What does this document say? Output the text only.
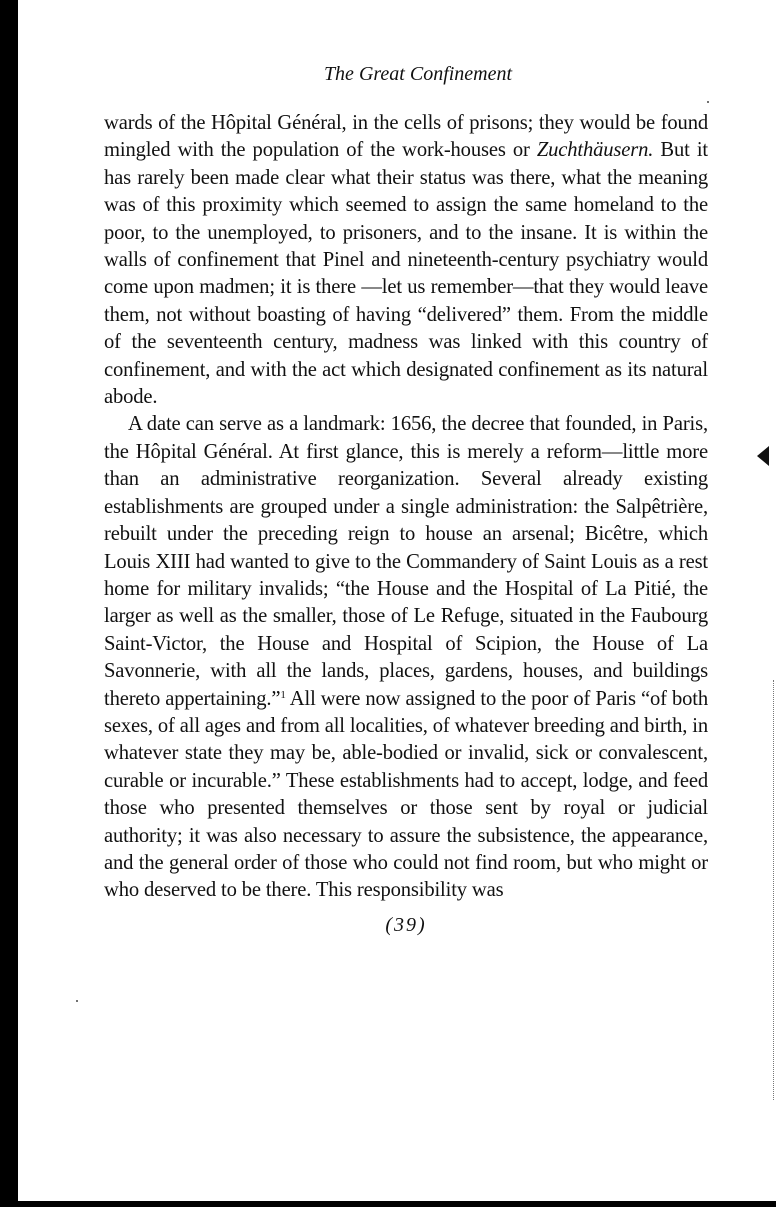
The Great Confinement

wards of the Hôpital Général, in the cells of prisons; they would be found mingled with the population of the work-houses or Zuchthäusern. But it has rarely been made clear what their status was there, what the meaning was of this proximity which seemed to assign the same homeland to the poor, to the unemployed, to prisoners, and to the insane. It is within the walls of confinement that Pinel and nineteenth-century psychiatry would come upon madmen; it is there —let us remember—that they would leave them, not without boasting of having “delivered” them. From the middle of the seventeenth century, madness was linked with this country of confinement, and with the act which designated confinement as its natural abode.

A date can serve as a landmark: 1656, the decree that founded, in Paris, the Hôpital Général. At first glance, this is merely a reform—little more than an administrative reorganization. Several already existing establishments are grouped under a single administration: the Salpêtrière, rebuilt under the preceding reign to house an arsenal; Bicêtre, which Louis XIII had wanted to give to the Commandery of Saint Louis as a rest home for military invalids; “the House and the Hospital of La Pitié, the larger as well as the smaller, those of Le Refuge, situated in the Faubourg Saint-Victor, the House and Hospital of Scipion, the House of La Savonnerie, with all the lands, places, gardens, houses, and buildings thereto appertaining.”$^1$ All were now assigned to the poor of Paris “of both sexes, of all ages and from all localities, of whatever breeding and birth, in whatever state they may be, able-bodied or invalid, sick or convalescent, curable or incurable.” These establishments had to accept, lodge, and feed those who presented themselves or those sent by royal or judicial authority; it was also necessary to assure the subsistence, the appearance, and the general order of those who could not find room, but who might or who deserved to be there. This responsibility was

(39)
